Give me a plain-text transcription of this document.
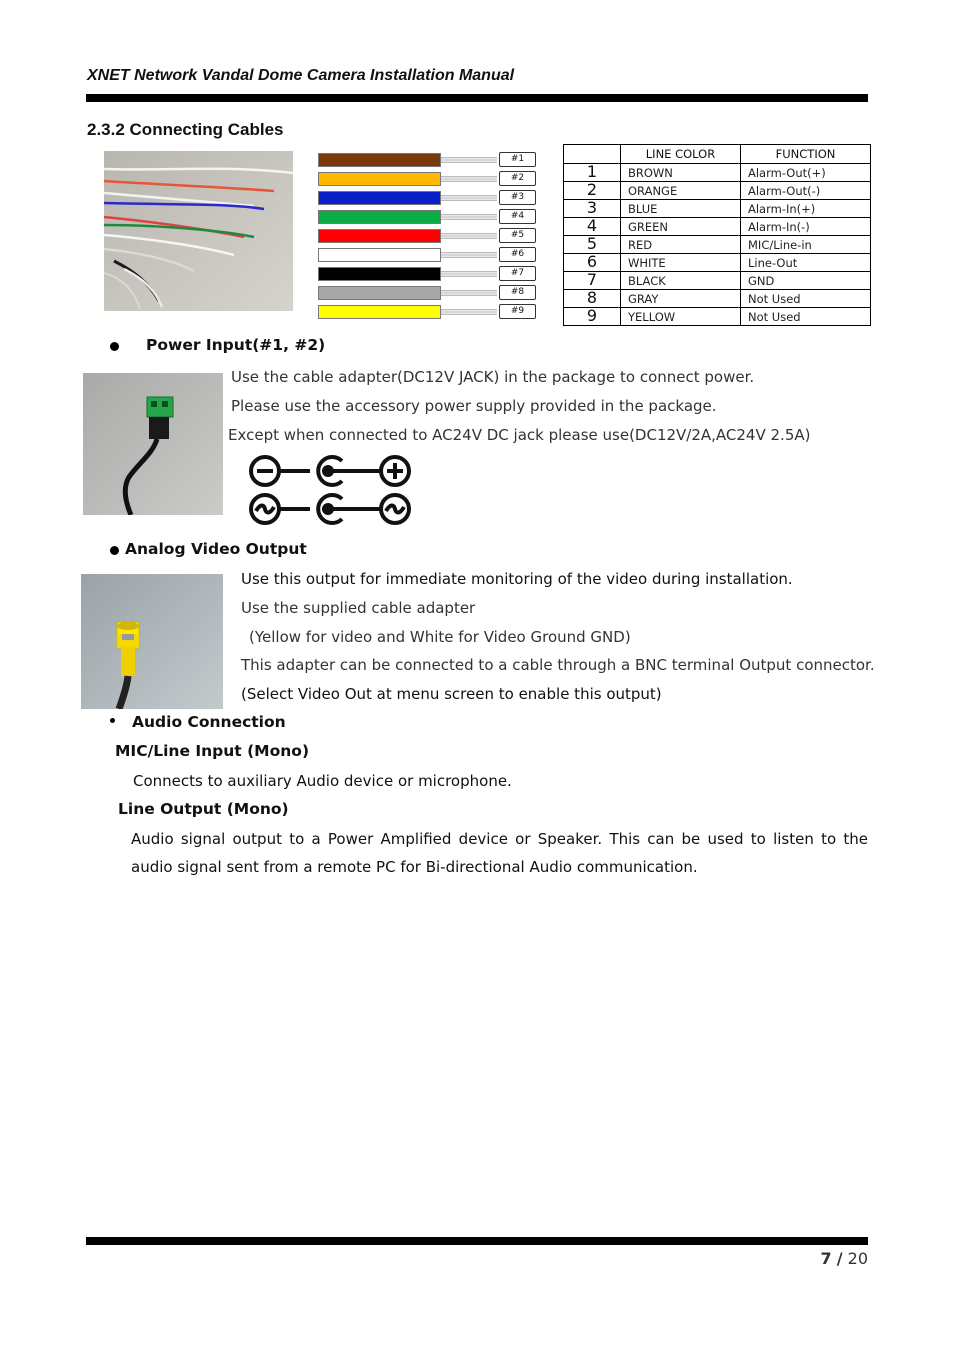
XNET Network Vandal Dome Camera Installation Manual
2.3.2 Connecting Cables
#1
#2
#3
#4
#5
#6
#7
#8
#9
	LINE COLOR	FUNCTION
1	BROWN	Alarm-Out(+)
2	ORANGE	Alarm-Out(-)
3	BLUE	Alarm-In(+)
4	GREEN	Alarm-In(-)
5	RED	MIC/Line-in
6	WHITE	Line-Out
7	BLACK	GND
8	GRAY	Not Used
9	YELLOW	Not Used
Power Input(#1, #2)
Use the cable adapter(DC12V JACK) in the package to connect power.
Please use the accessory power supply provided in the package.
Except when connected to AC24V DC jack please use(DC12V/2A,AC24V 2.5A)
Analog Video Output
Use this output for immediate monitoring of the video during installation.
Use the supplied cable adapter
(Yellow for video and White for Video Ground GND)
This adapter can be connected to a cable through a BNC terminal Output connector.
(Select Video Out at menu screen to enable this output)
Audio Connection
MIC/Line Input (Mono)
Connects to auxiliary Audio device or microphone.
Line Output (Mono)
Audio signal output to a Power Amplified device or Speaker. This can be used to listen to the audio signal sent from a remote PC for Bi-directional Audio communication.
7 / 20
